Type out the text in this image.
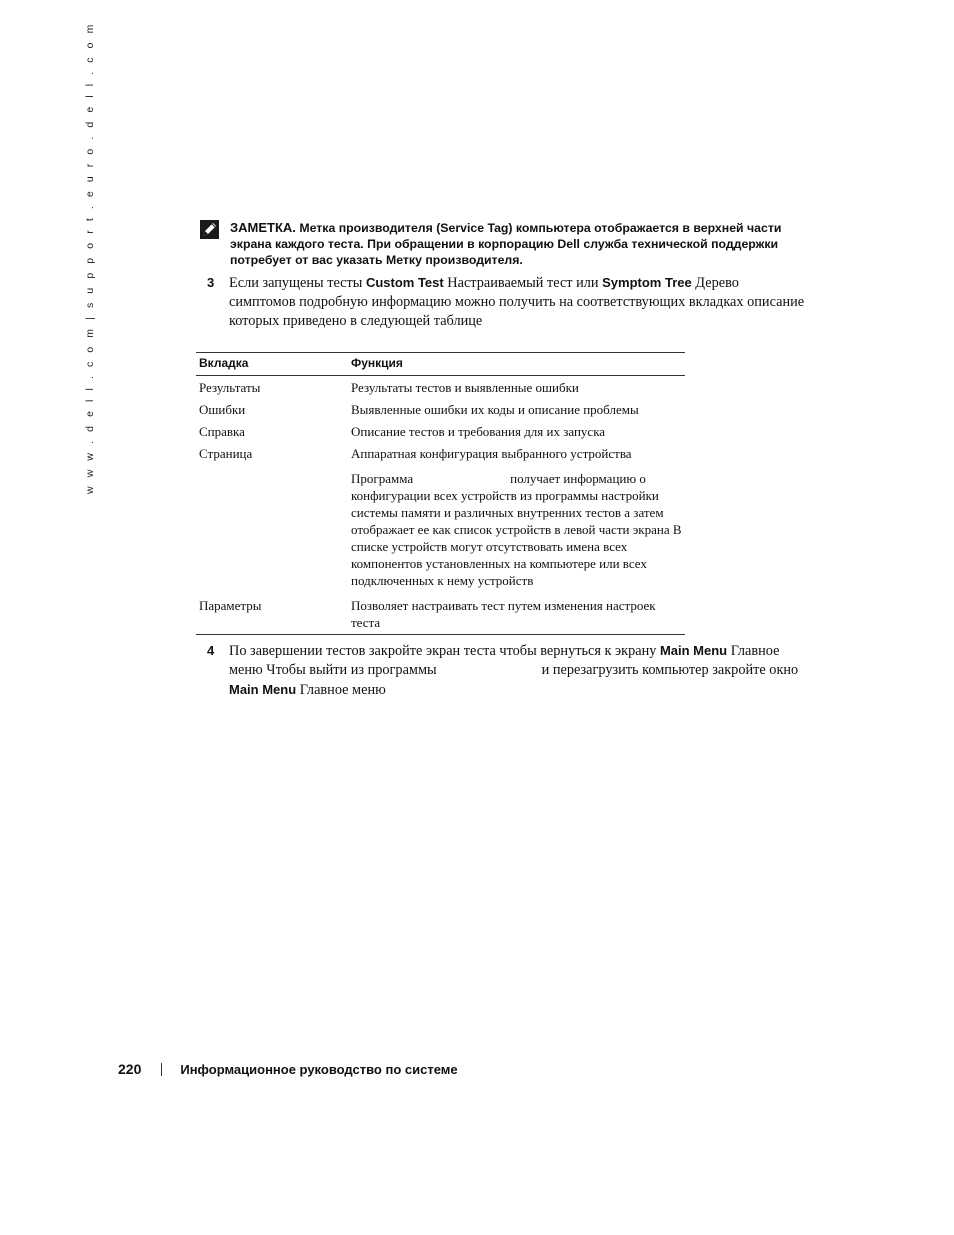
w w w . d e l l . c o m | s u p p o r t . e u r o . d e l l . c o m	ЗАМЕТКА. Метка производителя (Service Tag) компьютера отображается в верхней части экрана каждого теста. При обращении в корпорацию Dell служба технической поддержки потребует от вас указать Метку производителя.
3 Если запущены тесты Custom Test Настраиваемый тест или Symptom Tree Дерево симптомов подробную информацию можно получить на соответствующих вкладках описание которых приведено в следующей таблице
Вкладка	Функция
Результаты	Результаты тестов и выявленные ошибки
Ошибки	Выявленные ошибки их коды и описание проблемы
Справка	Описание тестов и требования для их запуска
Страница	Аппаратная конфигурация выбранного устройства
	Программа получает информацию о конфигурации всех устройств из программы настройки системы памяти и различных внутренних тестов а затем отображает ее как список устройств в левой части экрана В списке устройств могут отсутствовать имена всех компонентов установленных на компьютере или всех подключенных к нему устройств
Параметры	Позволяет настраивать тест путем изменения настроек теста
4 По завершении тестов закройте экран теста чтобы вернуться к экрану Main Menu Главное меню Чтобы выйти из программы	и перезагрузить компьютер закройте окно Main Menu Главное меню
220	Информационное руководство по системе
